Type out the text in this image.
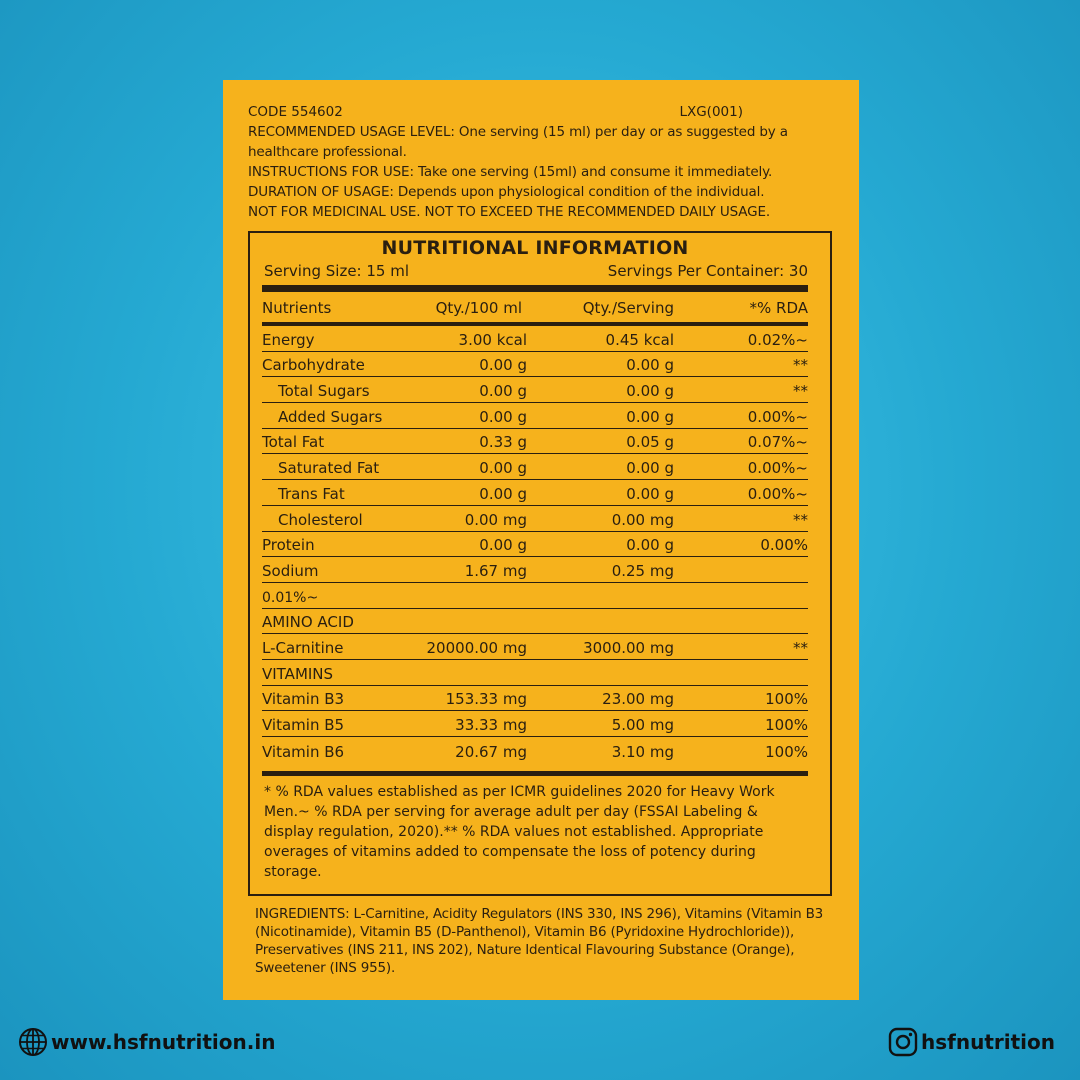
CODE 554602	LXG(001)

RECOMMENDED USAGE LEVEL: One serving (15 ml) per day or as suggested by a healthcare professional.

INSTRUCTIONS FOR USE: Take one serving (15ml) and consume it immediately.

DURATION OF USAGE: Depends upon physiological condition of the individual.

NOT FOR MEDICINAL USE. NOT TO EXCEED THE RECOMMENDED DAILY USAGE.

NUTRITIONAL INFORMATION
Serving Size: 15 ml	Servings Per Container: 30
Nutrients	Qty./100 ml	Qty./Serving	*% RDA
Energy	3.00 kcal	0.45 kcal	0.02%~
Carbohydrate	0.00 g	0.00 g	**
Total Sugars	0.00 g	0.00 g	**
Added Sugars	0.00 g	0.00 g	0.00%~
Total Fat	0.33 g	0.05 g	0.07%~
Saturated Fat	0.00 g	0.00 g	0.00%~
Trans Fat	0.00 g	0.00 g	0.00%~
Cholesterol	0.00 mg	0.00 mg	**
Protein	0.00 g	0.00 g	0.00%
Sodium	1.67 mg	0.25 mg
0.01%~
AMINO ACID
L-Carnitine	20000.00 mg	3000.00 mg	**
VITAMINS
Vitamin B3	153.33 mg	23.00 mg	100%
Vitamin B5	33.33 mg	5.00 mg	100%
Vitamin B6	20.67 mg	3.10 mg	100%

* % RDA values established as per ICMR guidelines 2020 for Heavy Work Men.~ % RDA per serving for average adult per day (FSSAI Labeling & display regulation, 2020).** % RDA values not established. Appropriate overages of vitamins added to compensate the loss of potency during storage.

INGREDIENTS: L-Carnitine, Acidity Regulators (INS 330, INS 296), Vitamins (Vitamin B3 (Nicotinamide), Vitamin B5 (D-Panthenol), Vitamin B6 (Pyridoxine Hydrochloride)), Preservatives (INS 211, INS 202), Nature Identical Flavouring Substance (Orange), Sweetener (INS 955).

www.hsfnutrition.in	hsfnutrition
